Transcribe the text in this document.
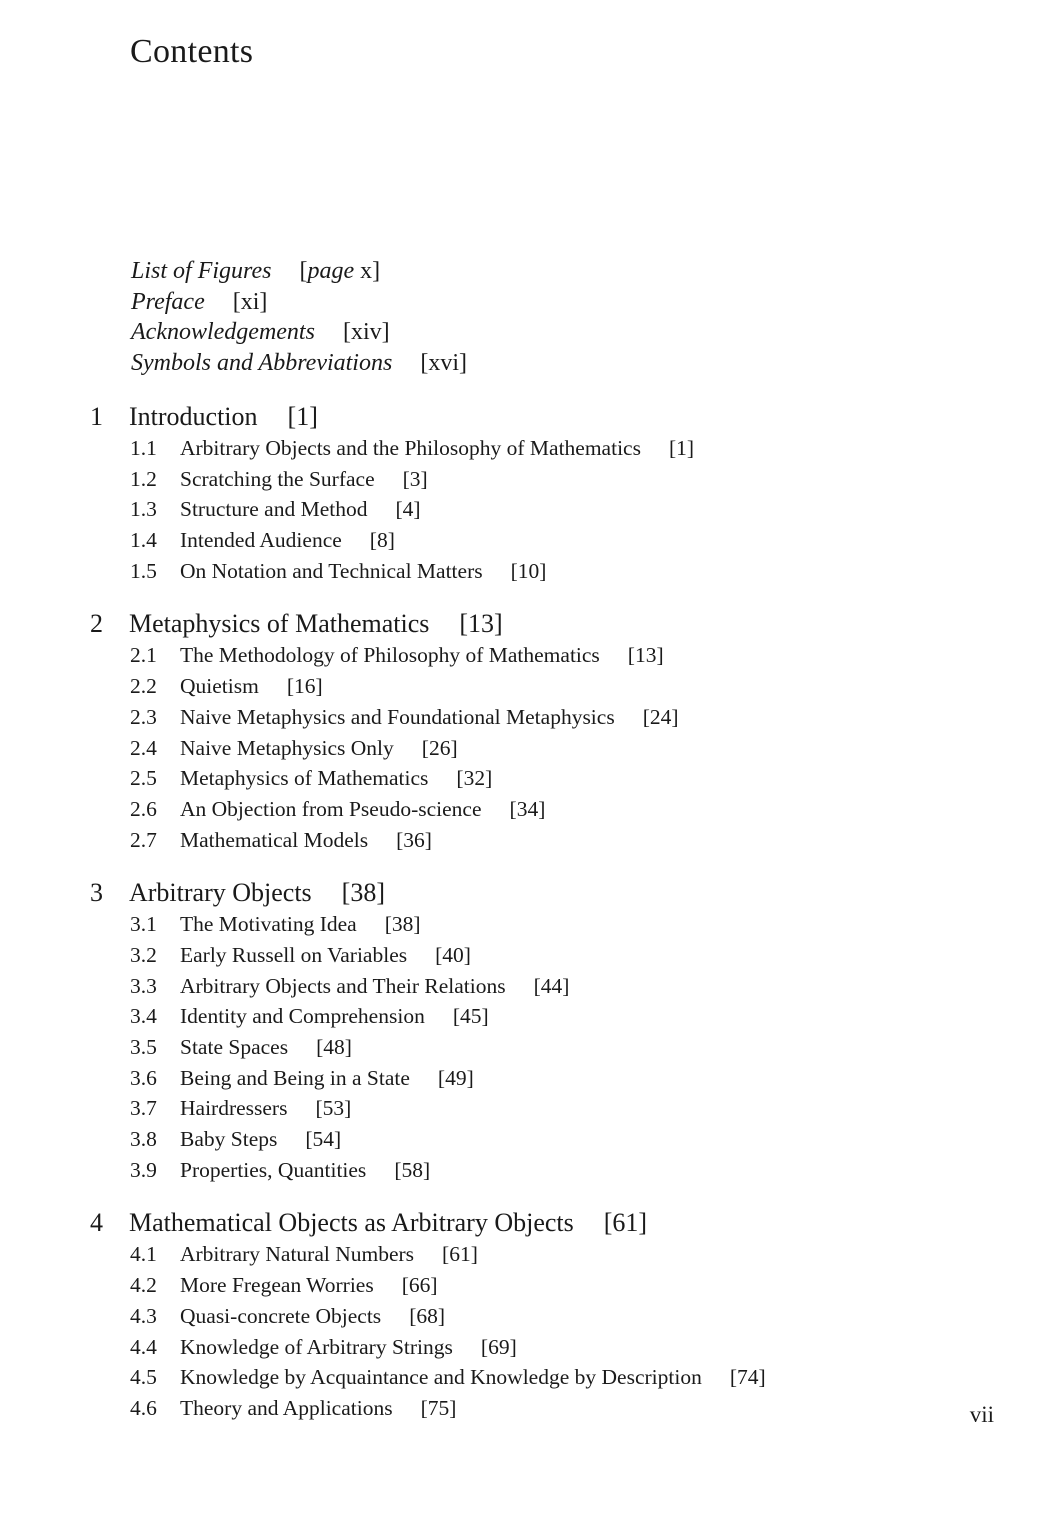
Contents
List of Figures [page x]
Preface [xi]
Acknowledgements [xiv]
Symbols and Abbreviations [xvi]
1 Introduction [1]
1.1 Arbitrary Objects and the Philosophy of Mathematics [1]
1.2 Scratching the Surface [3]
1.3 Structure and Method [4]
1.4 Intended Audience [8]
1.5 On Notation and Technical Matters [10]
2 Metaphysics of Mathematics [13]
2.1 The Methodology of Philosophy of Mathematics [13]
2.2 Quietism [16]
2.3 Naive Metaphysics and Foundational Metaphysics [24]
2.4 Naive Metaphysics Only [26]
2.5 Metaphysics of Mathematics [32]
2.6 An Objection from Pseudo-science [34]
2.7 Mathematical Models [36]
3 Arbitrary Objects [38]
3.1 The Motivating Idea [38]
3.2 Early Russell on Variables [40]
3.3 Arbitrary Objects and Their Relations [44]
3.4 Identity and Comprehension [45]
3.5 State Spaces [48]
3.6 Being and Being in a State [49]
3.7 Hairdressers [53]
3.8 Baby Steps [54]
3.9 Properties, Quantities [58]
4 Mathematical Objects as Arbitrary Objects [61]
4.1 Arbitrary Natural Numbers [61]
4.2 More Fregean Worries [66]
4.3 Quasi-concrete Objects [68]
4.4 Knowledge of Arbitrary Strings [69]
4.5 Knowledge by Acquaintance and Knowledge by Description [74]
4.6 Theory and Applications [75]	vii
